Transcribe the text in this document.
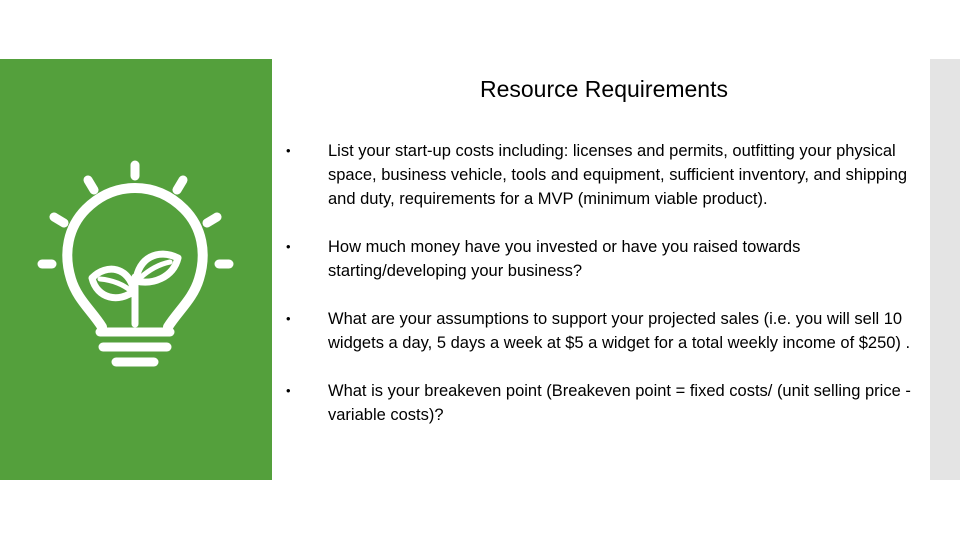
Resource Requirements
• List your start-up costs including: licenses and permits, outfitting your physical space, business vehicle, tools and equipment, sufficient inventory, and shipping and duty, requirements for a MVP (minimum viable product).
• How much money have you invested or have you raised towards starting/developing your business?
• What are your assumptions to support your projected sales (i.e. you will sell 10 widgets a day, 5 days a week at $5 a widget for a total weekly income of $250) .
• What is your breakeven point (Breakeven point = fixed costs/ (unit selling price - variable costs)?
